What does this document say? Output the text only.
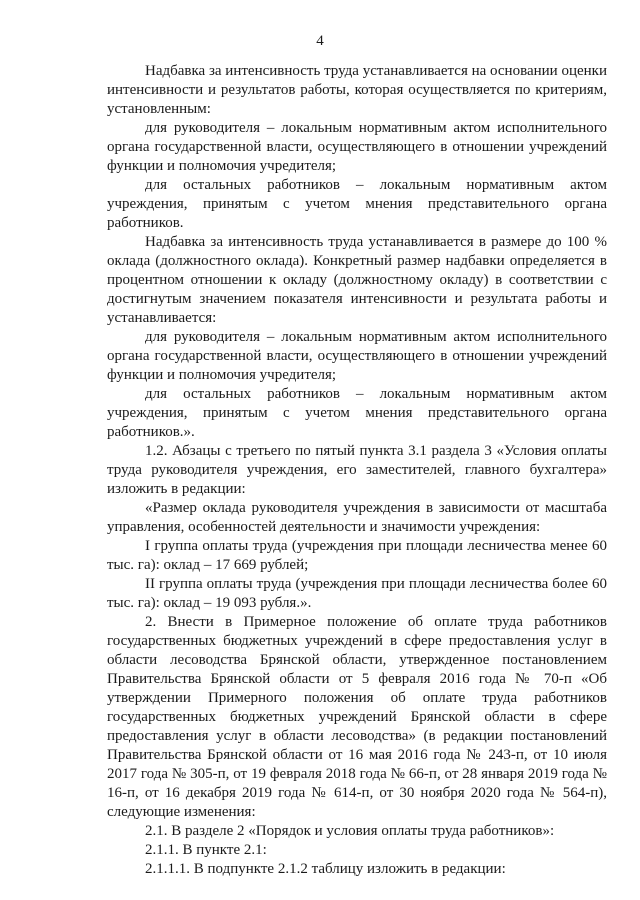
4

Надбавка за интенсивность труда устанавливается на основании оценки интенсивности и результатов работы, которая осуществляется по критериям, установленным:

для руководителя – локальным нормативным актом исполнительного органа государственной власти, осуществляющего в отношении учреждений функции и полномочия учредителя;

для остальных работников – локальным нормативным актом учреждения, принятым с учетом мнения представительного органа работников.

Надбавка за интенсивность труда устанавливается в размере до 100 % оклада (должностного оклада). Конкретный размер надбавки определяется в процентном отношении к окладу (должностному окладу) в соответствии с достигнутым значением показателя интенсивности и результата работы и устанавливается:

для руководителя – локальным нормативным актом исполнительного органа государственной власти, осуществляющего в отношении учреждений функции и полномочия учредителя;

для остальных работников – локальным нормативным актом учреждения, принятым с учетом мнения представительного органа работников.».

1.2. Абзацы с третьего по пятый пункта 3.1 раздела 3 «Условия оплаты труда руководителя учреждения, его заместителей, главного бухгалтера» изложить в редакции:

«Размер оклада руководителя учреждения в зависимости от масштаба управления, особенностей деятельности и значимости учреждения:

I группа оплаты труда (учреждения при площади лесничества менее 60 тыс. га): оклад – 17 669 рублей;

II группа оплаты труда (учреждения при площади лесничества более 60 тыс. га): оклад – 19 093 рубля.».

2. Внести в Примерное положение об оплате труда работников государственных бюджетных учреждений в сфере предоставления услуг в области лесоводства Брянской области, утвержденное постановлением Правительства Брянской области от 5 февраля 2016 года № 70-п «Об утверждении Примерного положения об оплате труда работников государственных бюджетных учреждений Брянской области в сфере предоставления услуг в области лесоводства» (в редакции постановлений Правительства Брянской области от 16 мая 2016 года № 243-п, от 10 июля 2017 года № 305-п, от 19 февраля 2018 года № 66-п, от 28 января 2019 года № 16-п, от 16 декабря 2019 года № 614-п, от 30 ноября 2020 года № 564-п), следующие изменения:

2.1. В разделе 2 «Порядок и условия оплаты труда работников»:

2.1.1. В пункте 2.1:

2.1.1.1. В подпункте 2.1.2 таблицу изложить в редакции:
